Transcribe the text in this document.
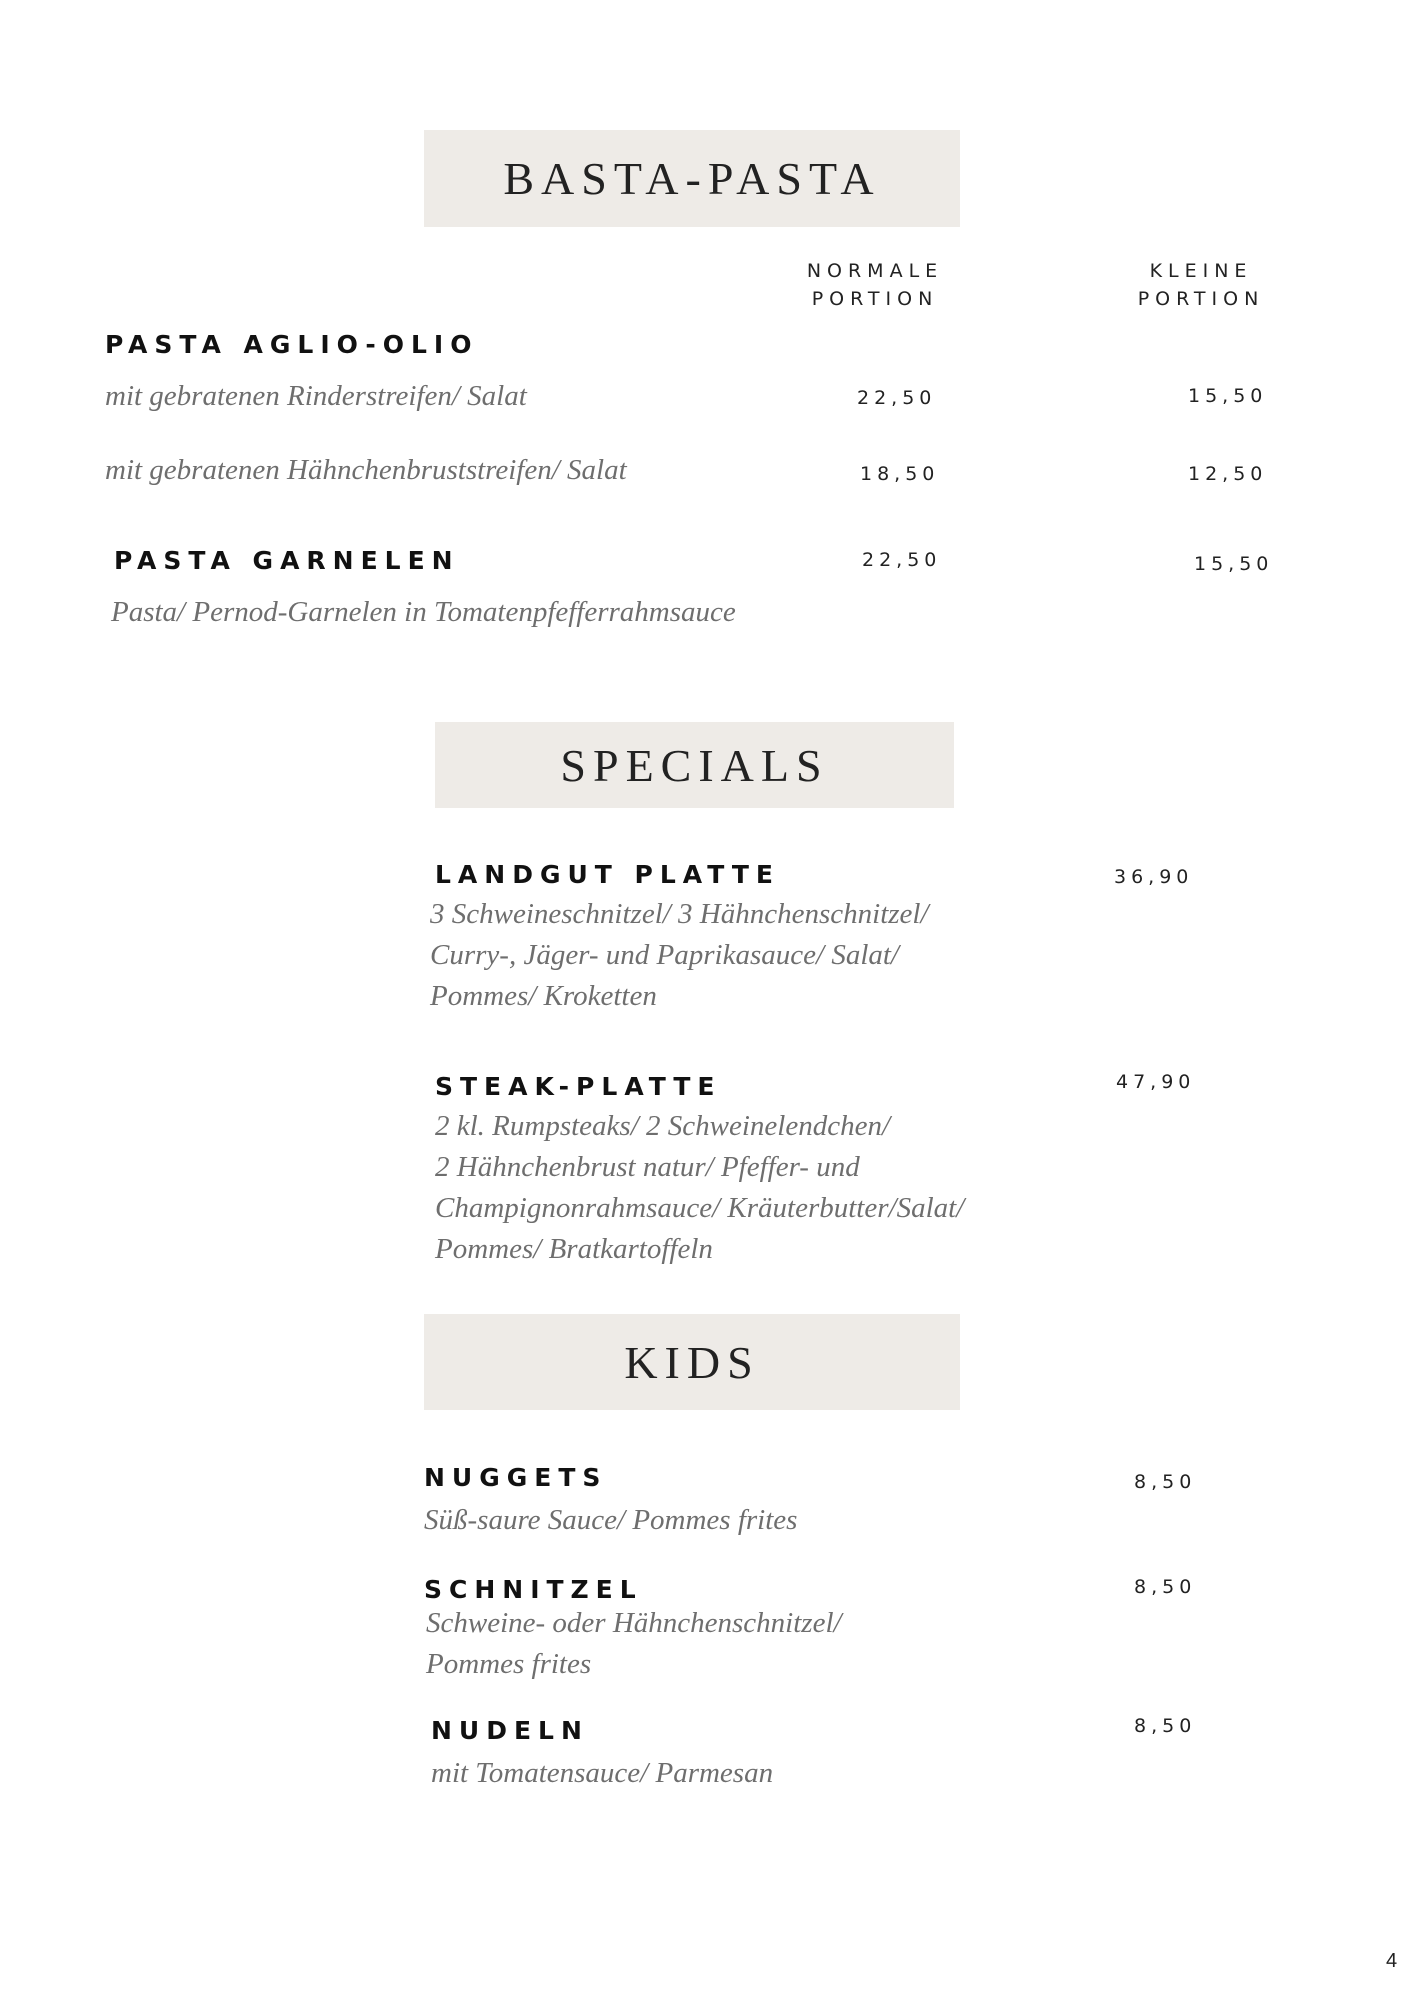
BASTA-PASTA
NORMALE
PORTION
KLEINE
PORTION
PASTA AGLIO-OLIO
mit gebratenen Rinderstreifen/ Salat	22,50	15,50
mit gebratenen Hähnchenbruststreifen/ Salat	18,50	12,50
PASTA GARNELEN	22,50	15,50
Pasta/ Pernod-Garnelen in Tomatenpfefferrahmsauce
SPECIALS
LANDGUT PLATTE	36,90
3 Schweineschnitzel/ 3 Hähnchenschnitzel/
Curry-, Jäger- und Paprikasauce/ Salat/
Pommes/ Kroketten
STEAK-PLATTE	47,90
2 kl. Rumpsteaks/ 2 Schweinelendchen/
2 Hähnchenbrust natur/ Pfeffer- und
Champignonrahmsauce/ Kräuterbutter/Salat/
Pommes/ Bratkartoffeln
KIDS
NUGGETS	8,50
Süß-saure Sauce/ Pommes frites
SCHNITZEL	8,50
Schweine- oder Hähnchenschnitzel/
Pommes frites
NUDELN	8,50
mit Tomatensauce/ Parmesan
4
